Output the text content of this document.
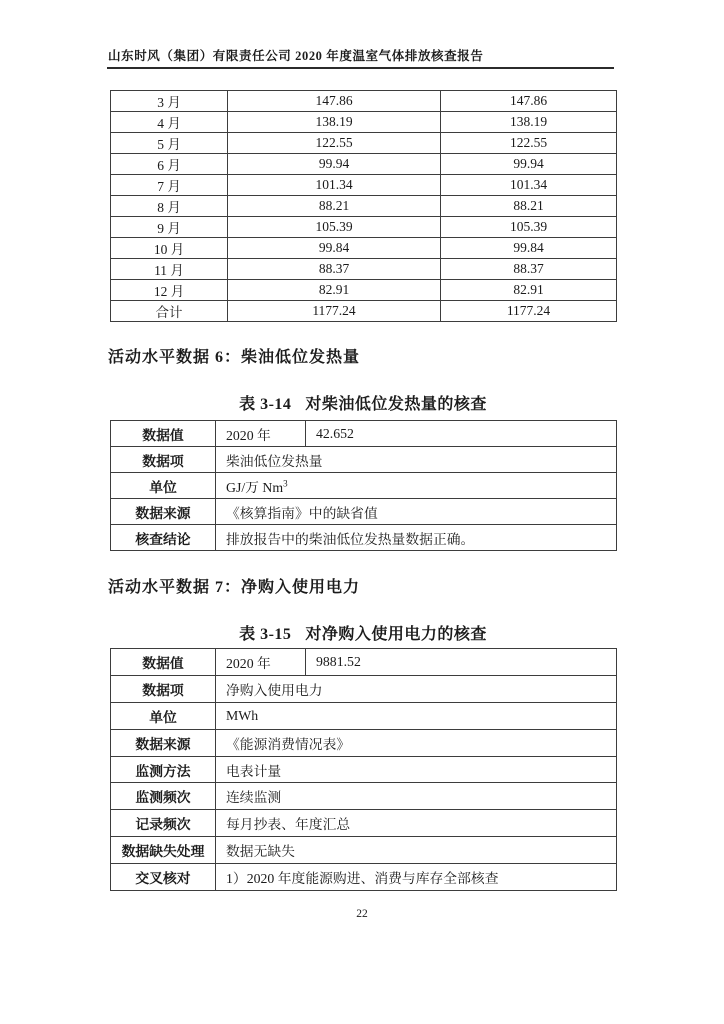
山东时风（集团）有限责任公司 2020 年度温室气体排放核查报告
3 月	147.86	147.86
4 月	138.19	138.19
5 月	122.55	122.55
6 月	99.94	99.94
7 月	101.34	101.34
8 月	88.21	88.21
9 月	105.39	105.39
10 月	99.84	99.84
11 月	88.37	88.37
12 月	82.91	82.91
合计	1177.24	1177.24
活动水平数据 6：柴油低位发热量
表 3-14 对柴油低位发热量的核查
数据值	2020 年	42.652
数据项	柴油低位发热量	
单位	GJ/万 Nm$^3$
数据来源	《核算指南》中的缺省值	
核查结论	排放报告中的柴油低位发热量数据正确。	
活动水平数据 7：净购入使用电力
表 3-15 对净购入使用电力的核查
数据值	2020 年	9881.52
数据项	净购入使用电力	
单位	MWh	
数据来源	《能源消费情况表》	
监测方法	电表计量	
监测频次	连续监测	
记录频次	每月抄表、年度汇总	
数据缺失处理	数据无缺失	
交叉核对	1）2020 年度能源购进、消费与库存全部核查	
22
